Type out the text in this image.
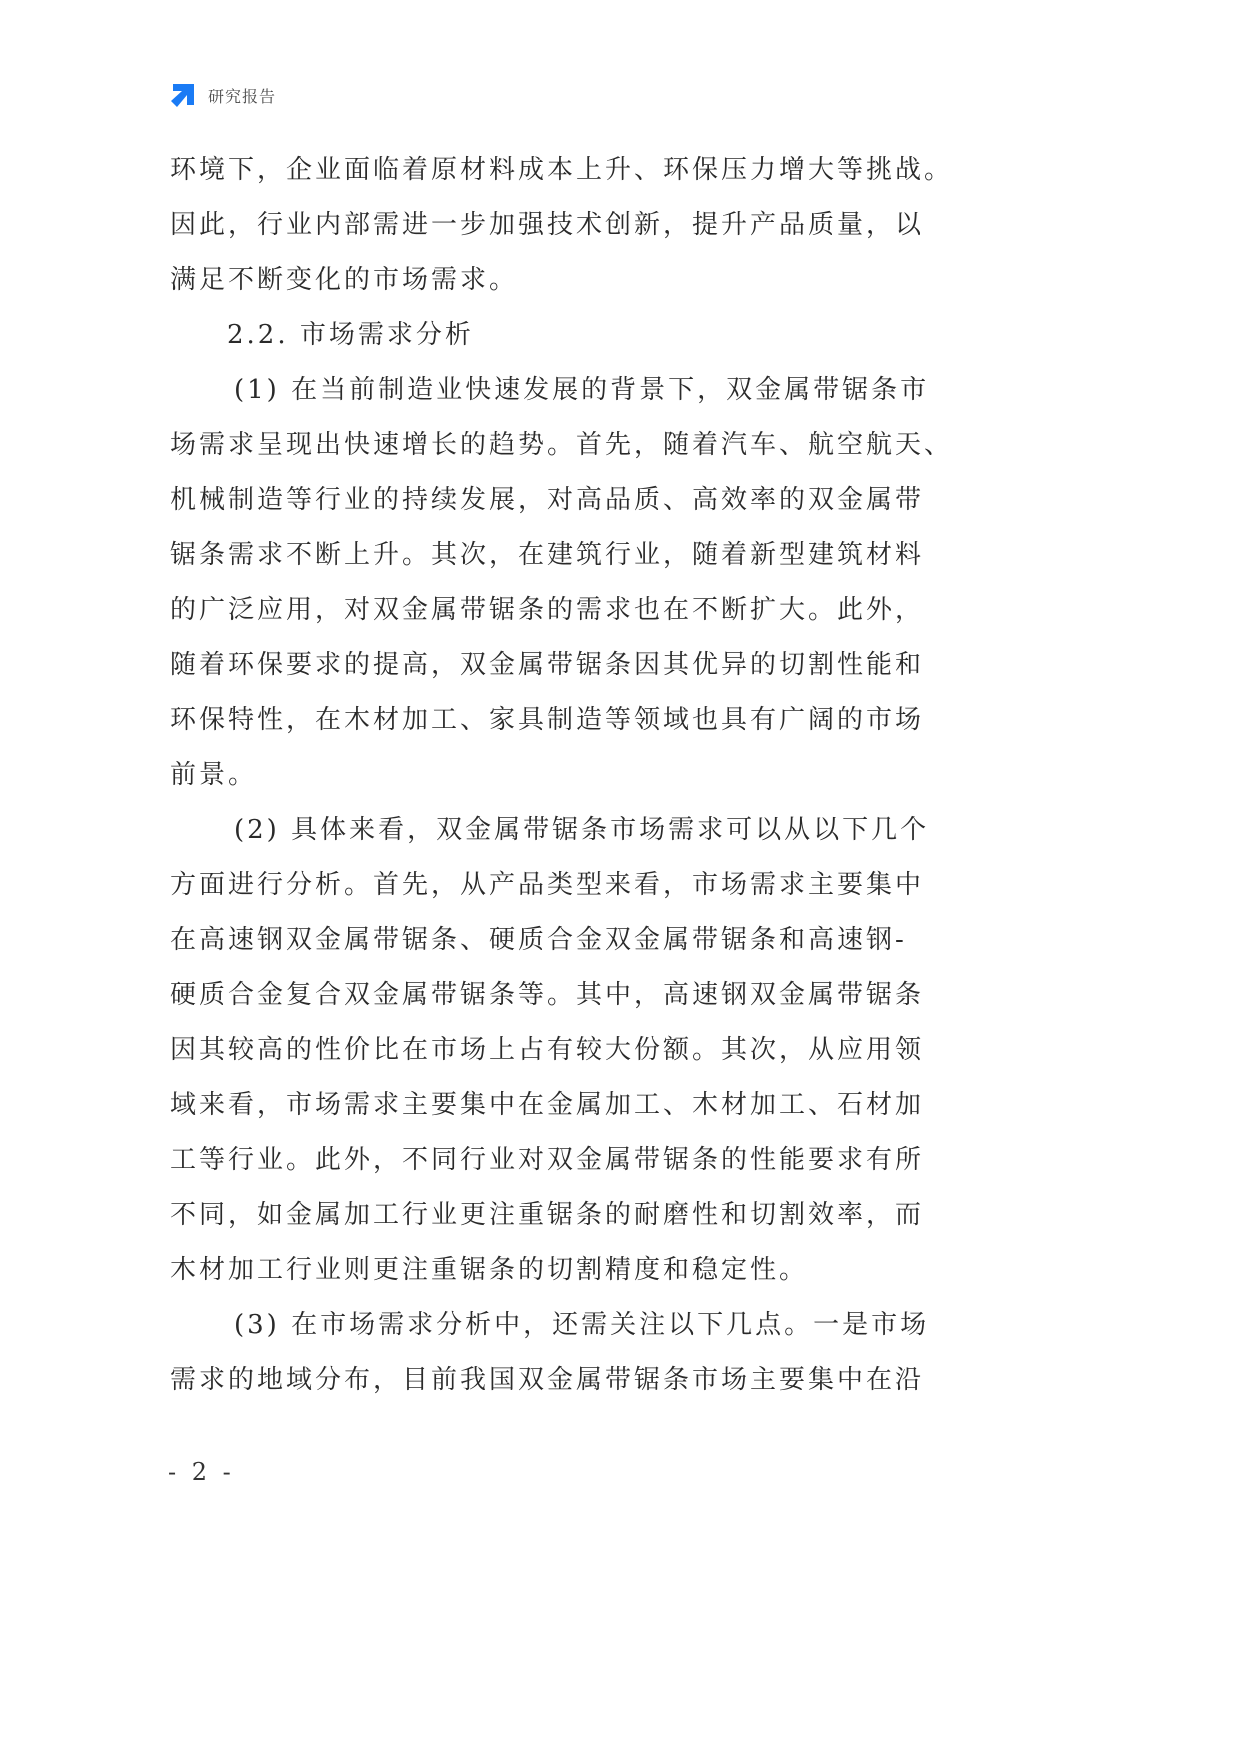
研究报告
环境下，企业面临着原材料成本上升、环保压力增大等挑战。
因此，行业内部需进一步加强技术创新，提升产品质量，以
满足不断变化的市场需求。
2.2. 市场需求分析
(1) 在当前制造业快速发展的背景下，双金属带锯条市
场需求呈现出快速增长的趋势。首先，随着汽车、航空航天、
机械制造等行业的持续发展，对高品质、高效率的双金属带
锯条需求不断上升。其次，在建筑行业，随着新型建筑材料
的广泛应用，对双金属带锯条的需求也在不断扩大。此外，
随着环保要求的提高，双金属带锯条因其优异的切割性能和
环保特性，在木材加工、家具制造等领域也具有广阔的市场
前景。
(2) 具体来看，双金属带锯条市场需求可以从以下几个
方面进行分析。首先，从产品类型来看，市场需求主要集中
在高速钢双金属带锯条、硬质合金双金属带锯条和高速钢-
硬质合金复合双金属带锯条等。其中，高速钢双金属带锯条
因其较高的性价比在市场上占有较大份额。其次，从应用领
域来看，市场需求主要集中在金属加工、木材加工、石材加
工等行业。此外，不同行业对双金属带锯条的性能要求有所
不同，如金属加工行业更注重锯条的耐磨性和切割效率，而
木材加工行业则更注重锯条的切割精度和稳定性。
(3) 在市场需求分析中，还需关注以下几点。一是市场
需求的地域分布，目前我国双金属带锯条市场主要集中在沿
- 2 -
